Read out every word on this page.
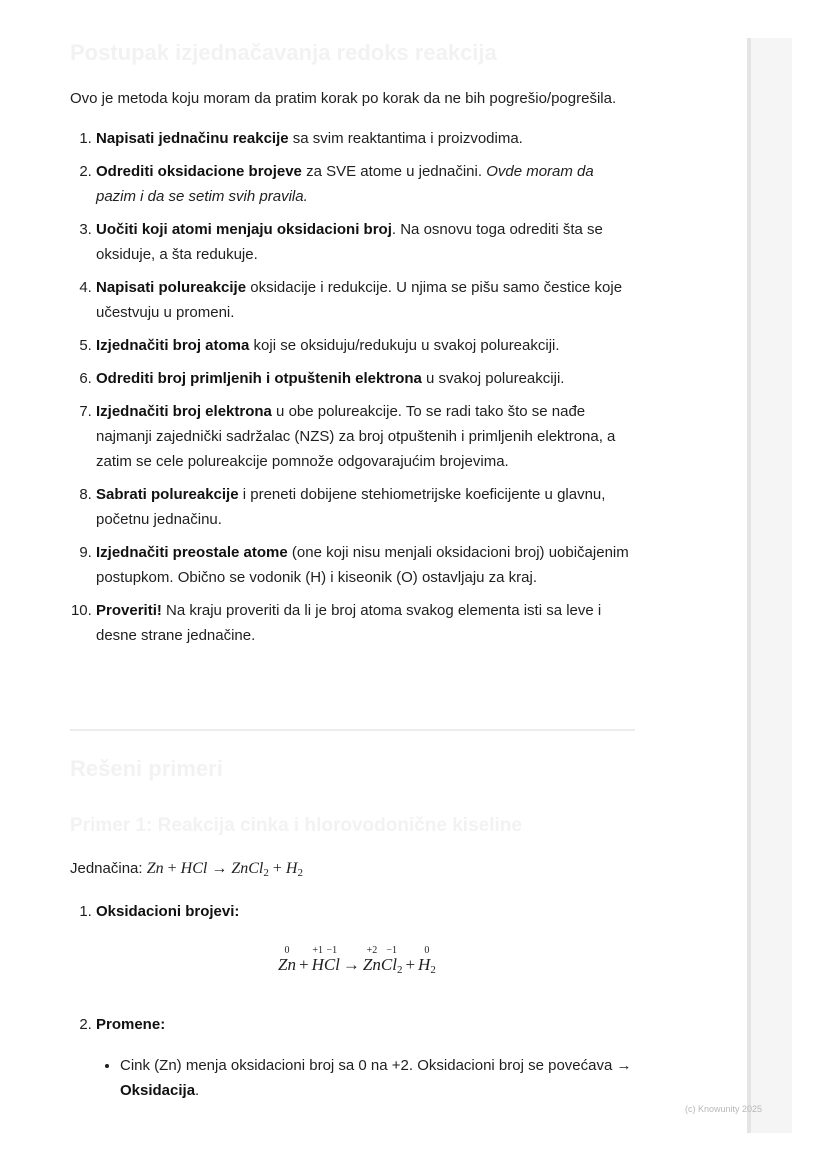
Postupak izjednačavanja redoks reakcija

Ovo je metoda koju moram da pratim korak po korak da ne bih pogrešio/pogrešila.

1. Napisati jednačinu reakcije sa svim reaktantima i proizvodima.
2. Odrediti oksidacione brojeve za SVE atome u jednačini. Ovde moram da pazim i da se setim svih pravila.
3. Uočiti koji atomi menjaju oksidacioni broj. Na osnovu toga odrediti šta se oksiduje, a šta redukuje.
4. Napisati polureakcije oksidacije i redukcije. U njima se pišu samo čestice koje učestvuju u promeni.
5. Izjednačiti broj atoma koji se oksiduju/redukuju u svakoj polureakciji.
6. Odrediti broj primljenih i otpuštenih elektrona u svakoj polureakciji.
7. Izjednačiti broj elektrona u obe polureakcije. To se radi tako što se nađe najmanji zajednički sadržalac (NZS) za broj otpuštenih i primljenih elektrona, a zatim se cele polureakcije pomnože odgovarajućim brojevima.
8. Sabrati polureakcije i preneti dobijene stehiometrijske koeficijente u glavnu, početnu jednačinu.
9. Izjednačiti preostale atome (one koji nisu menjali oksidacioni broj) uobičajenim postupkom. Obično se vodonik (H) i kiseonik (O) ostavljaju za kraj.
10. Proveriti! Na kraju proveriti da li je broj atoma svakog elementa isti sa leve i desne strane jednačine.
Rešeni primeri
Primer 1: Reakcija cinka i hlorovodonične kiseline
Jednačina: Zn + HCl → ZnCl$_2$ + $H_2$
1. Oksidacioni brojevi:
2. Promene:
• Cink (Zn) menja oksidacioni broj sa 0 na +2. Oksidacioni broj se povećava → Oksidacija.
0
Zn +
+1
H
−1
Cl →
+2
Zn
−1
$Cl_2$ +
0
$H_2$
(c) Knowunity 2025
